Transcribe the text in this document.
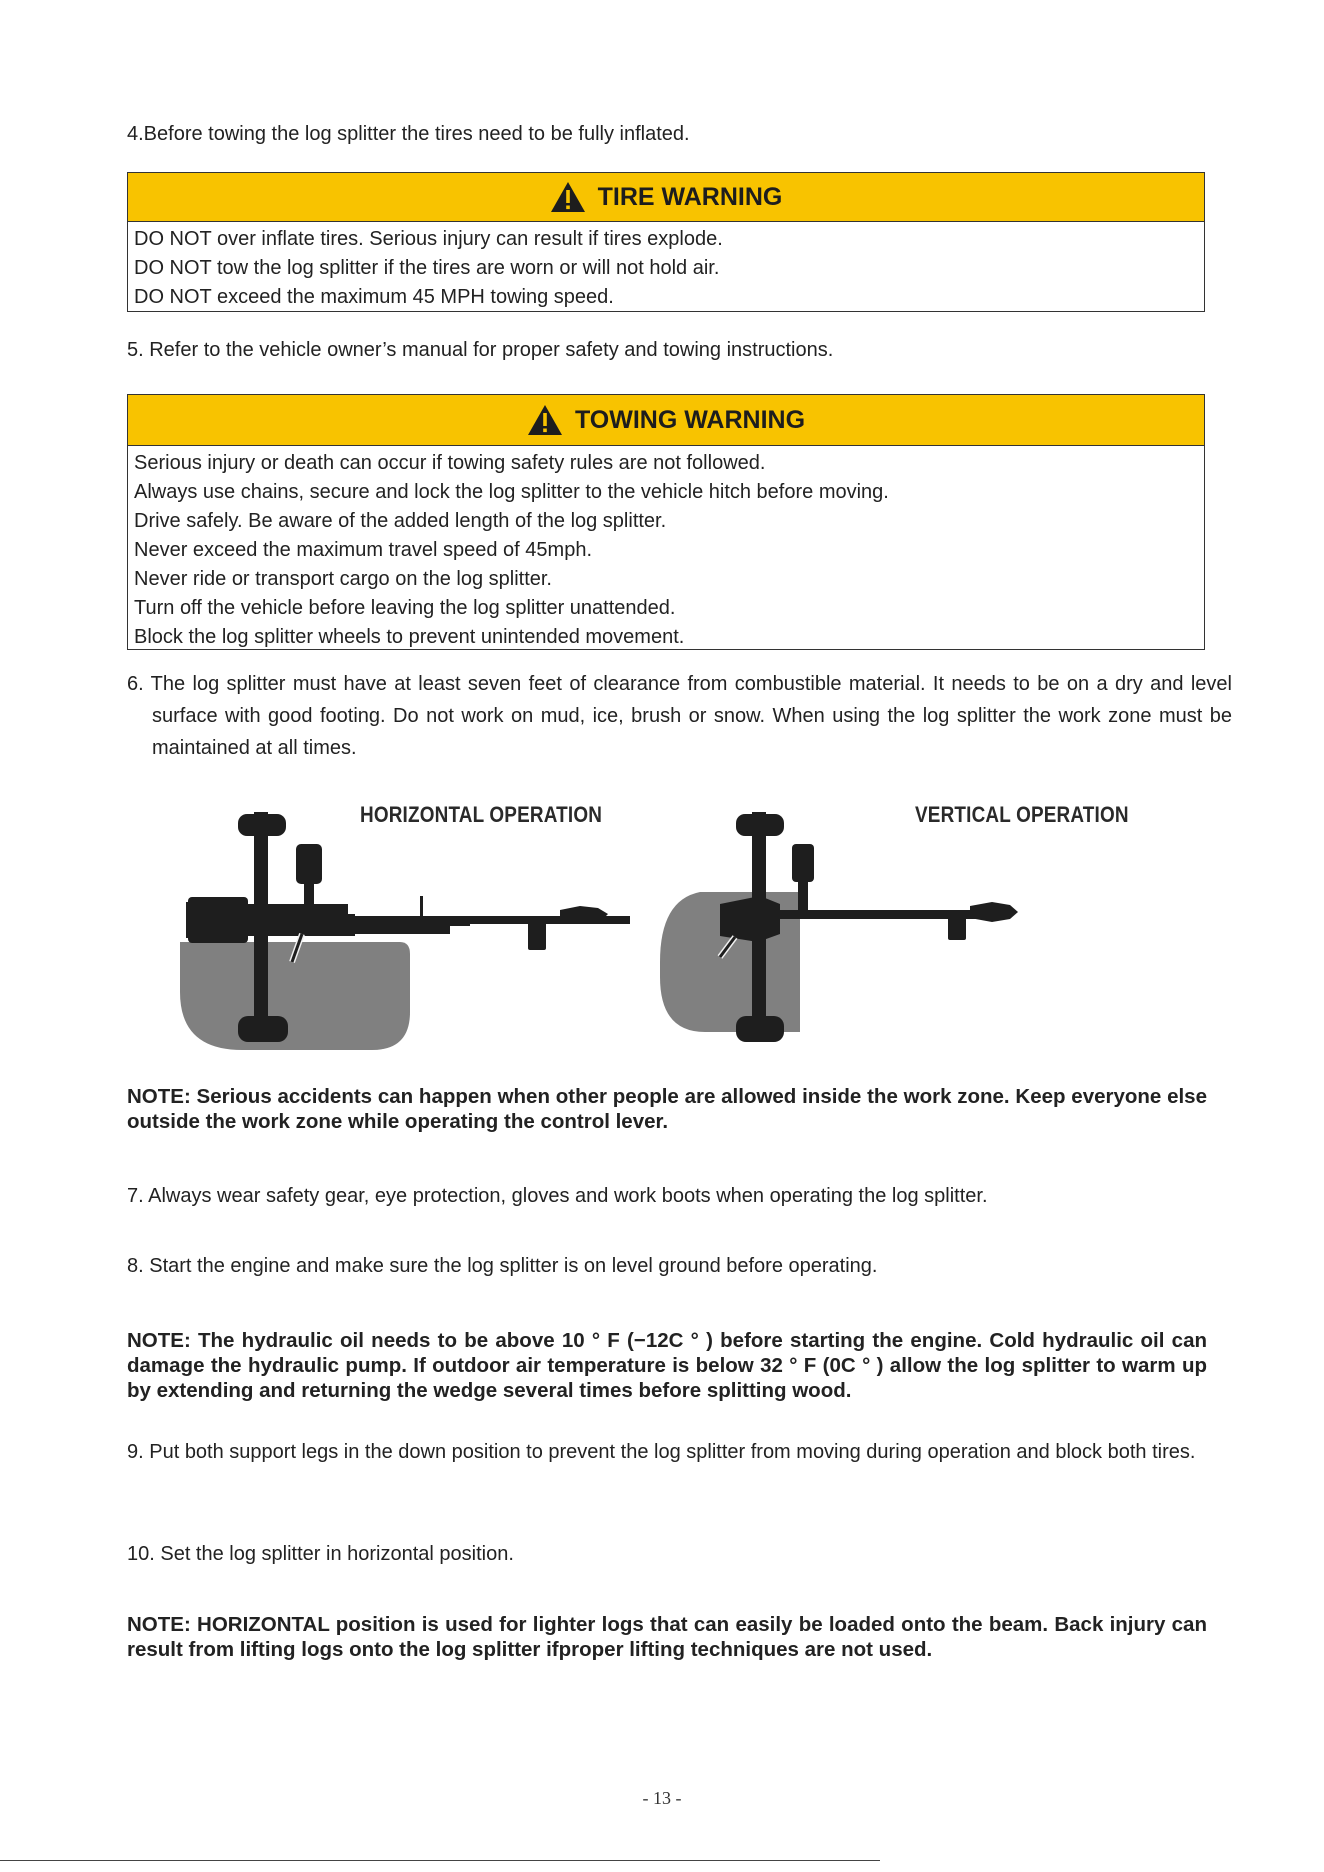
4.Before towing the log splitter the tires need to be fully inflated.
TIRE WARNING
DO NOT over inflate tires. Serious injury can result if tires explode.
DO NOT tow the log splitter if the tires are worn or will not hold air.
DO NOT exceed the maximum 45 MPH towing speed.
5. Refer to the vehicle owner’s manual for proper safety and towing instructions.
TOWING WARNING
Serious injury or death can occur if towing safety rules are not followed.
Always use chains, secure and lock the log splitter to the vehicle hitch before moving.
Drive safely. Be aware of the added length of the log splitter.
Never exceed the maximum travel speed of 45mph.
Never ride or transport cargo on the log splitter.
Turn off the vehicle before leaving the log splitter unattended.
Block the log splitter wheels to prevent unintended movement.
6. The log splitter must have at least seven feet of clearance from combustible material. It needs to be on a dry and level surface with good footing. Do not work on mud, ice, brush or snow. When using the log splitter the work zone must be maintained at all times.
HORIZONTAL OPERATION	VERTICAL OPERATION
NOTE: Serious accidents can happen when other people are allowed inside the work zone. Keep everyone else outside the work zone while operating the control lever.
7. Always wear safety gear, eye protection, gloves and work boots when operating the log splitter.
8. Start the engine and make sure the log splitter is on level ground before operating.
NOTE: The hydraulic oil needs to be above 10 ° F (−12C ° ) before starting the engine. Cold hydraulic oil can damage the hydraulic pump. If outdoor air temperature is below 32 ° F (0C ° ) allow the log splitter to warm up by extending and returning the wedge several times before splitting wood.
9. Put both support legs in the down position to prevent the log splitter from moving during operation and block both tires.
10. Set the log splitter in horizontal position.
NOTE: HORIZONTAL position is used for lighter logs that can easily be loaded onto the beam. Back injury can result from lifting logs onto the log splitter ifproper lifting techniques are not used.
- 13 -
